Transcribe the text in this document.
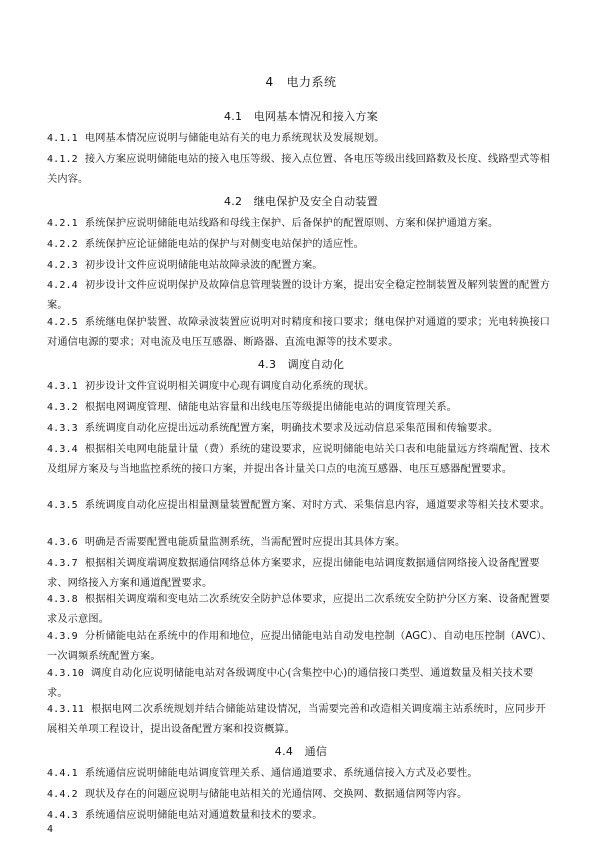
4 电力系统
4.1 电网基本情况和接入方案
4.1.1 电网基本情况应说明与储能电站有关的电力系统现状及发展规划。
4.1.2 接入方案应说明储能电站的接入电压等级、接入点位置、各电压等级出线回路数及长度、线路型式等相关内容。
4.2 继电保护及安全自动装置
4.2.1 系统保护应说明储能电站线路和母线主保护、后备保护的配置原则、方案和保护通道方案。
4.2.2 系统保护应论证储能电站的保护与对侧变电站保护的适应性。
4.2.3 初步设计文件应说明储能电站故障录波的配置方案。
4.2.4 初步设计文件应说明保护及故障信息管理装置的设计方案，提出安全稳定控制装置及解列装置的配置方案。
4.2.5 系统继电保护装置、故障录波装置应说明对时精度和接口要求；继电保护对通道的要求；光电转换接口对通信电源的要求；对电流及电压互感器、断路器、直流电源等的技术要求。
4.3 调度自动化
4.3.1 初步设计文件宜说明相关调度中心现有调度自动化系统的现状。
4.3.2 根据电网调度管理、储能电站容量和出线电压等级提出储能电站的调度管理关系。
4.3.3 系统调度自动化应提出远动系统配置方案，明确技术要求及远动信息采集范围和传输要求。
4.3.4 根据相关电网电能量计量（费）系统的建设要求，应说明储能电站关口表和电能量远方终端配置、技术及组屏方案及与当地监控系统的接口方案，并提出各计量关口点的电流互感器、电压互感器配置要求。
4.3.5 系统调度自动化应提出相量测量装置配置方案、对时方式、采集信息内容，通道要求等相关技术要求。
4.3.6 明确是否需要配置电能质量监测系统，当需配置时应提出其具体方案。
4.3.7 根据相关调度端调度数据通信网络总体方案要求，应提出储能电站调度数据通信网络接入设备配置要求、网络接入方案和通道配置要求。
4.3.8 根据相关调度端和变电站二次系统安全防护总体要求，应提出二次系统安全防护分区方案、设备配置要求及示意图。
4.3.9 分析储能电站在系统中的作用和地位，应提出储能电站自动发电控制（AGC）、自动电压控制（AVC）、一次调频系统配置方案。
4.3.10 调度自动化应说明储能电站对各级调度中心(含集控中心)的通信接口类型、通道数量及相关技术要求。
4.3.11 根据电网二次系统规划并结合储能站建设情况，当需要完善和改造相关调度端主站系统时，应同步开展相关单项工程设计，提出设备配置方案和投资概算。
4.4 通信
4.4.1 系统通信应说明储能电站调度管理关系、通信通道要求、系统通信接入方式及必要性。
4.4.2 现状及存在的问题应说明与储能电站相关的光通信网、交换网、数据通信网等内容。
4.4.3 系统通信应说明储能电站对通道数量和技术的要求。
4
